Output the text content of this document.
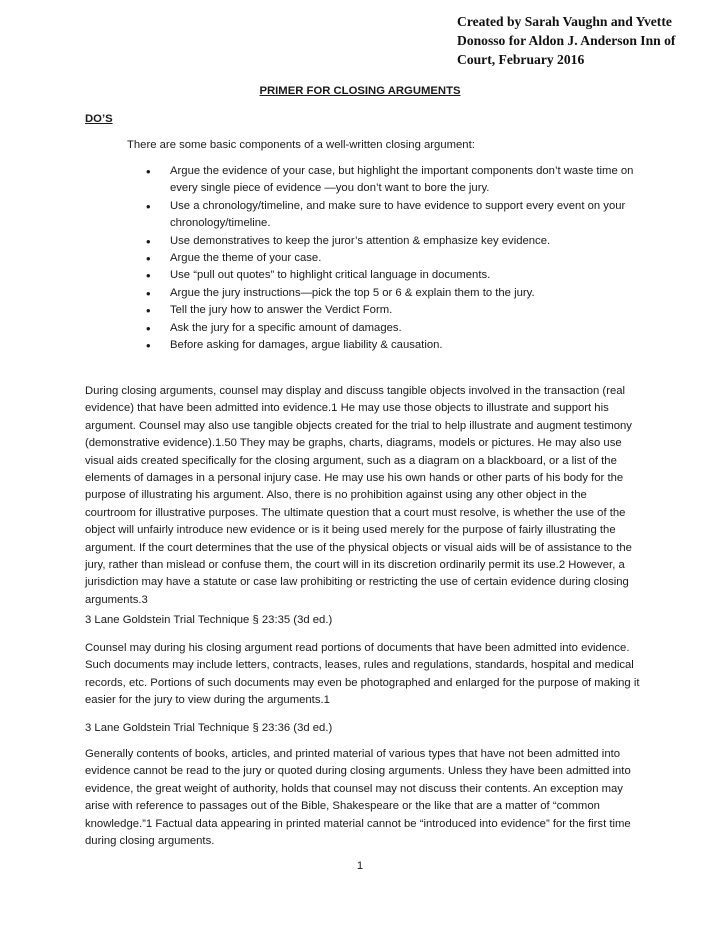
Created by Sarah Vaughn and Yvette Donosso for Aldon J. Anderson Inn of Court, February 2016
PRIMER FOR CLOSING ARGUMENTS
DO’S
There are some basic components of a well-written closing argument:
• Argue the evidence of your case, but highlight the important components don’t waste time on every single piece of evidence —you don’t want to bore the jury.
• Use a chronology/timeline, and make sure to have evidence to support every event on your chronology/timeline.
• Use demonstratives to keep the juror’s attention & emphasize key evidence.
• Argue the theme of your case.
• Use “pull out quotes” to highlight critical language in documents.
• Argue the jury instructions—pick the top 5 or 6 & explain them to the jury.
• Tell the jury how to answer the Verdict Form.
• Ask the jury for a specific amount of damages.
• Before asking for damages, argue liability & causation.

During closing arguments, counsel may display and discuss tangible objects involved in the transaction (real evidence) that have been admitted into evidence.1 He may use those objects to illustrate and support his argument. Counsel may also use tangible objects created for the trial to help illustrate and augment testimony (demonstrative evidence).1.50 They may be graphs, charts, diagrams, models or pictures. He may also use visual aids created specifically for the closing argument, such as a diagram on a blackboard, or a list of the elements of damages in a personal injury case. He may use his own hands or other parts of his body for the purpose of illustrating his argument. Also, there is no prohibition against using any other object in the courtroom for illustrative purposes. The ultimate question that a court must resolve, is whether the use of the object will unfairly introduce new evidence or is it being used merely for the purpose of fairly illustrating the argument. If the court determines that the use of the physical objects or visual aids will be of assistance to the jury, rather than mislead or confuse them, the court will in its discretion ordinarily permit its use.2 However, a jurisdiction may have a statute or case law prohibiting or restricting the use of certain evidence during closing arguments.3

3 Lane Goldstein Trial Technique § 23:35 (3d ed.)

Counsel may during his closing argument read portions of documents that have been admitted into evidence. Such documents may include letters, contracts, leases, rules and regulations, standards, hospital and medical records, etc. Portions of such documents may even be photographed and enlarged for the purpose of making it easier for the jury to view during the arguments.1

3 Lane Goldstein Trial Technique § 23:36 (3d ed.)

Generally contents of books, articles, and printed material of various types that have not been admitted into evidence cannot be read to the jury or quoted during closing arguments. Unless they have been admitted into evidence, the great weight of authority, holds that counsel may not discuss their contents. An exception may arise with reference to passages out of the Bible, Shakespeare or the like that are a matter of “common knowledge.”1 Factual data appearing in printed material cannot be “introduced into evidence” for the first time during closing arguments.

1
